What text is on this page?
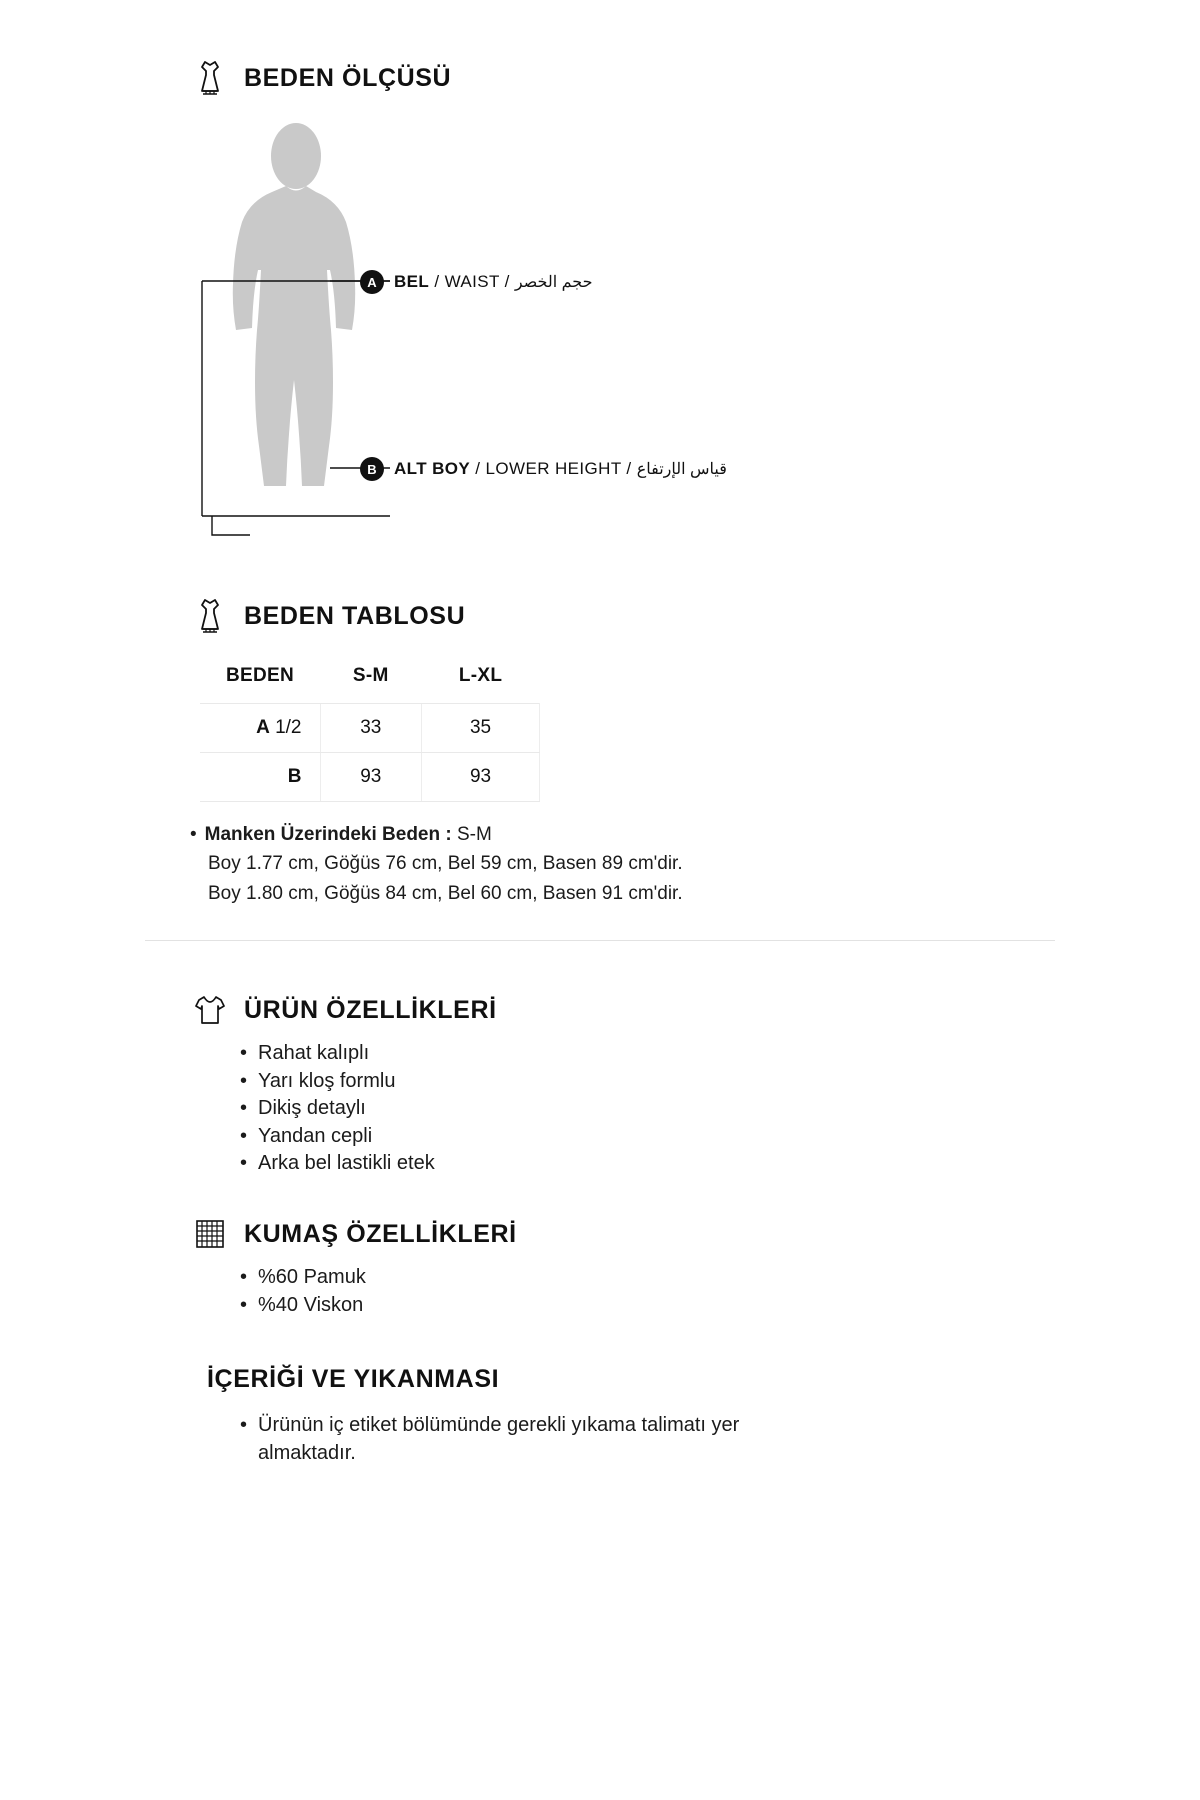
BEDEN ÖLÇÜSÜ
A	BEL / WAIST / حجم الخصر
B	ALT BOY / LOWER HEIGHT / قياس الإرتفاع
BEDEN TABLOSU
BEDEN	S-M	L-XL
A 1/2	33	35
B	93	93
• Manken Üzerindeki Beden : S-M
Boy 1.77 cm, Göğüs 76 cm, Bel 59 cm, Basen 89 cm'dir.
Boy 1.80 cm, Göğüs 84 cm, Bel 60 cm, Basen 91 cm'dir.
ÜRÜN ÖZELLİKLERİ
• Rahat kalıplı
• Yarı kloş formlu
• Dikiş detaylı
• Yandan cepli
• Arka bel lastikli etek
KUMAŞ ÖZELLİKLERİ
• %60 Pamuk
• %40 Viskon
İÇERİĞİ VE YIKANMASI
• Ürünün iç etiket bölümünde gerekli yıkama talimatı yer
almaktadır.
